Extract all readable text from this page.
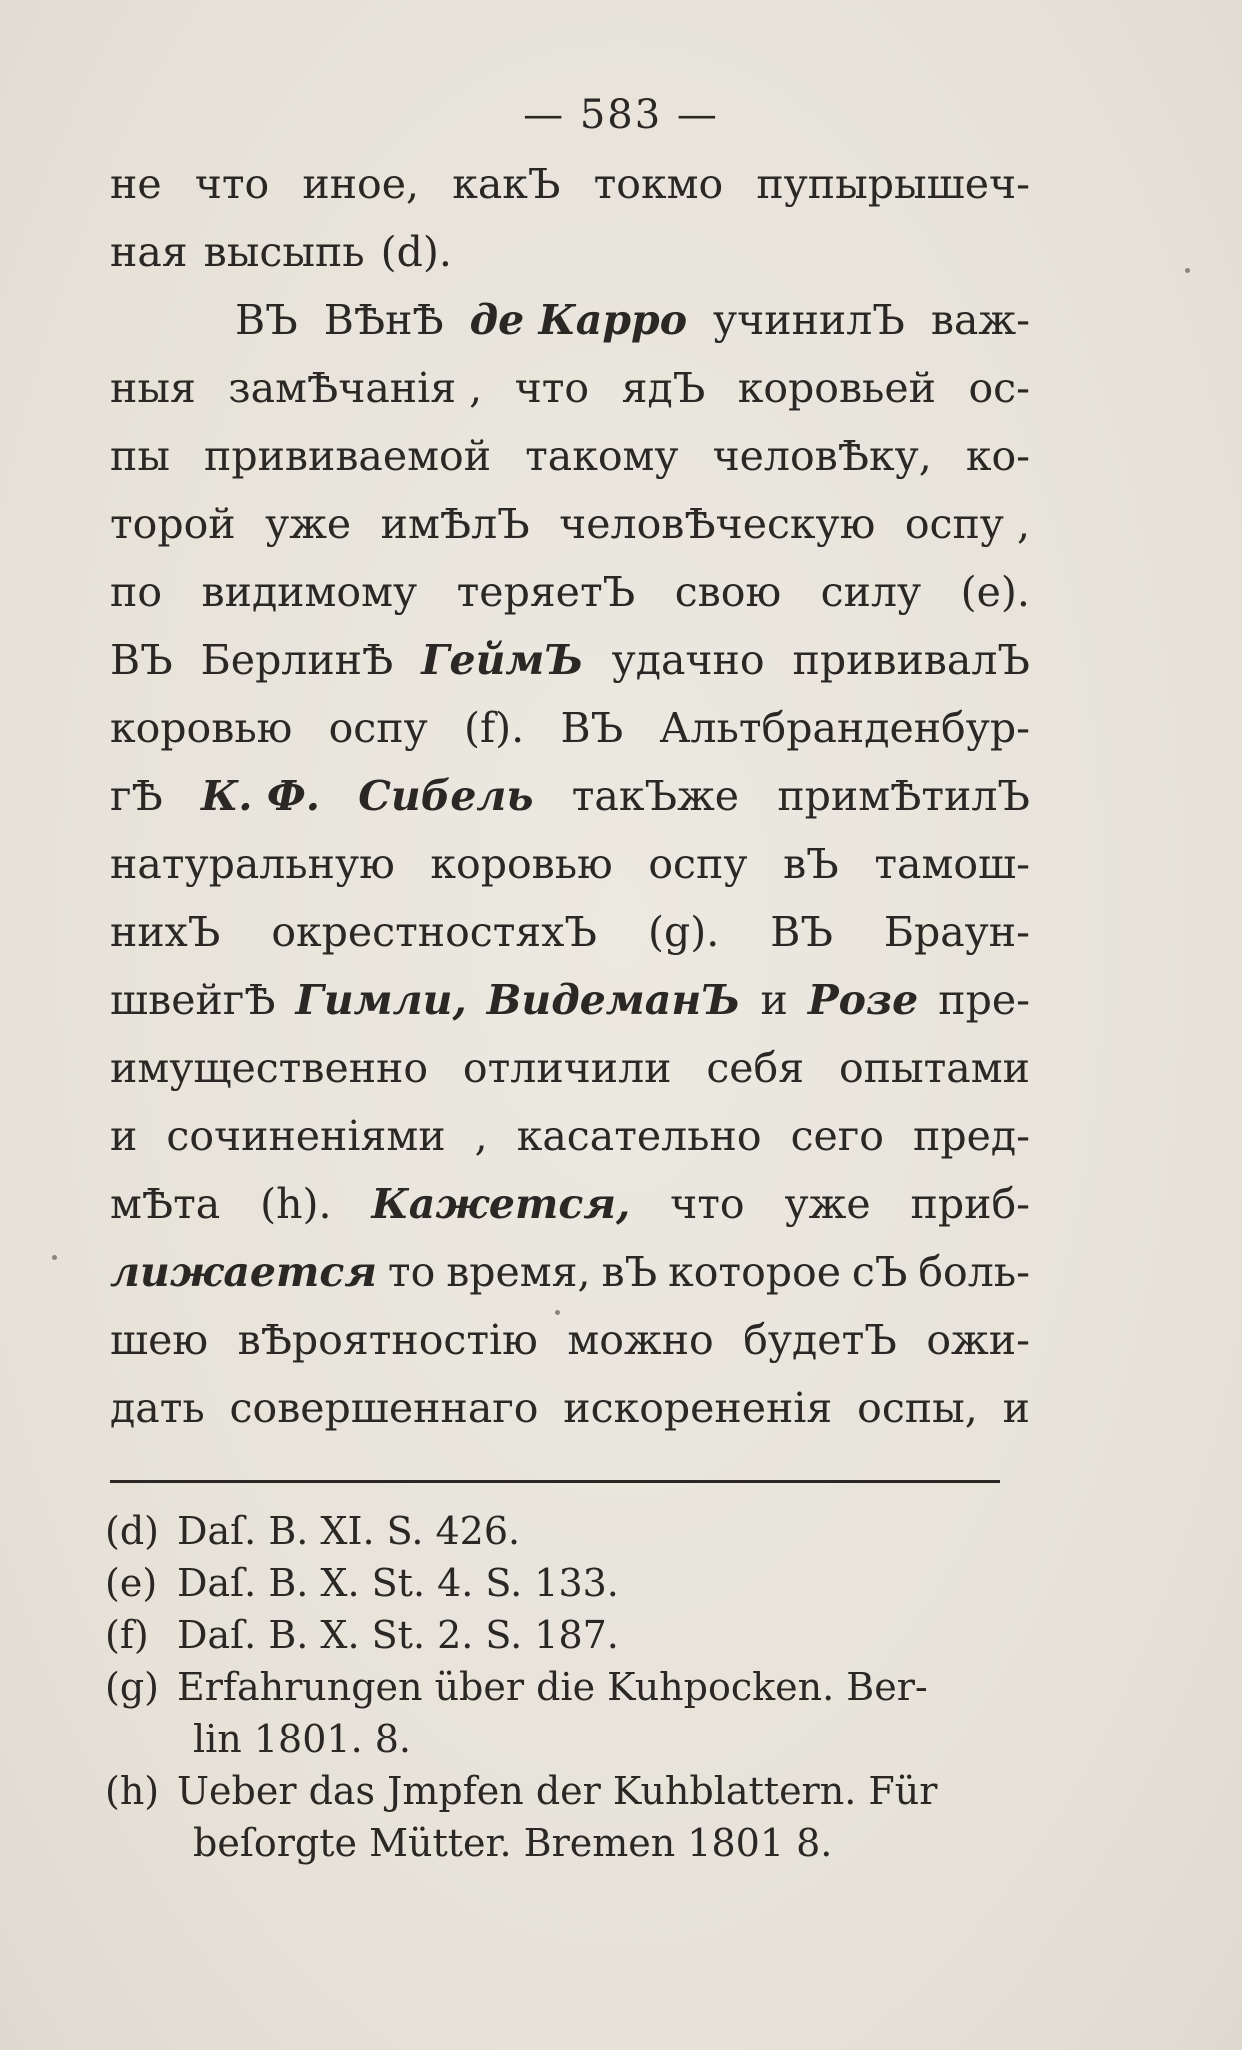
— 583 —
не что иное, какЪ токмо пупырышеч-
ная высыпь (d).
ВЪ ВѢнѢ де Карро учинилЪ важ-
ныя замѢчанія , что ядЪ коровьей ос-
пы прививаемой такому человѢку, ко-
торой уже имѢлЪ человѢческую оспу ,
по видимому теряетЪ свою силу (e).
ВЪ БерлинѢ ГеймЪ удачно прививалЪ
коровью оспу (f). ВЪ Альтбранденбур-
гѢ К. Ф. Сибель такЪже примѢтилЪ
натуральную коровью оспу вЪ тамош-
нихЪ окрестностяхЪ (g). ВЪ Браун-
швейгѢ Гимли, ВидеманЪ и Розе пре-
имущественно отличили себя опытами
и сочиненіями , касательно сего пред-
мѢта (h). Кажется, что уже приб-
лижается то время, вЪ которое сЪ боль-
шею вѢроятностію можно будетЪ ожи-
дать совершеннаго искорененія оспы, и
(d) Daſ. B. XI. S. 426.
(e) Daſ. B. X. St. 4. S. 133.
(f) Daſ. B. X. St. 2. S. 187.
(g) Erfahrungen über die Kuhpocken. Ber-
lin 1801. 8.
(h) Ueber das Jmpfen der Kuhblattern. Für
beſorgte Mütter. Bremen 1801 8.
